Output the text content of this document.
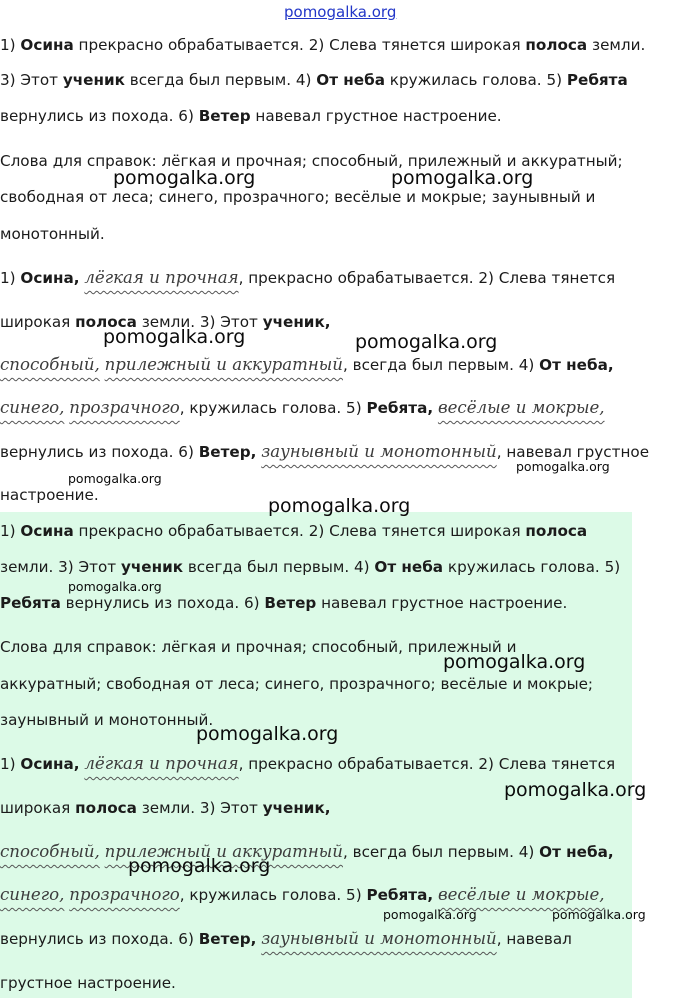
pomogalka.org

1) Осина прекрасно обрабатывается. 2) Слева тянется широкая полоса земли.

3) Этот ученик всегда был первым. 4) От неба кружилась голова. 5) Ребята

вернулись из похода. 6) Ветер навевал грустное настроение.

Слова для справок: лёгкая и прочная; способный, прилежный и аккуратный;

свободная от леса; синего, прозрачного; весёлые и мокрые; заунывный и

монотонный.

1) Осина, лёгкая и прочная, прекрасно обрабатывается. 2) Слева тянется

широкая полоса земли. 3) Этот ученик,

способный, прилежный и аккуратный, всегда был первым. 4) От неба,

синего, прозрачного, кружилась голова. 5) Ребята, весёлые и мокрые,

вернулись из похода. 6) Ветер, заунывный и монотонный, навевал грустное

настроение.

1) Осина прекрасно обрабатывается. 2) Слева тянется широкая полоса

земли. 3) Этот ученик всегда был первым. 4) От неба кружилась голова. 5)

Ребята вернулись из похода. 6) Ветер навевал грустное настроение.

Слова для справок: лёгкая и прочная; способный, прилежный и

аккуратный; свободная от леса; синего, прозрачного; весёлые и мокрые;

заунывный и монотонный.

1) Осина, лёгкая и прочная, прекрасно обрабатывается. 2) Слева тянется

широкая полоса земли. 3) Этот ученик,

способный, прилежный и аккуратный, всегда был первым. 4) От неба,

синего, прозрачного, кружилась голова. 5) Ребята, весёлые и мокрые,

вернулись из похода. 6) Ветер, заунывный и монотонный, навевал

грустное настроение.

pomogalka.org	pomogalka.org
pomogalka.org	pomogalka.org
pomogalka.org
pomogalka.org
pomogalka.org
pomogalka.org
pomogalka.org
pomogalka.org
pomogalka.org
pomogalka.org
pomogalka.org	pomogalka.org
